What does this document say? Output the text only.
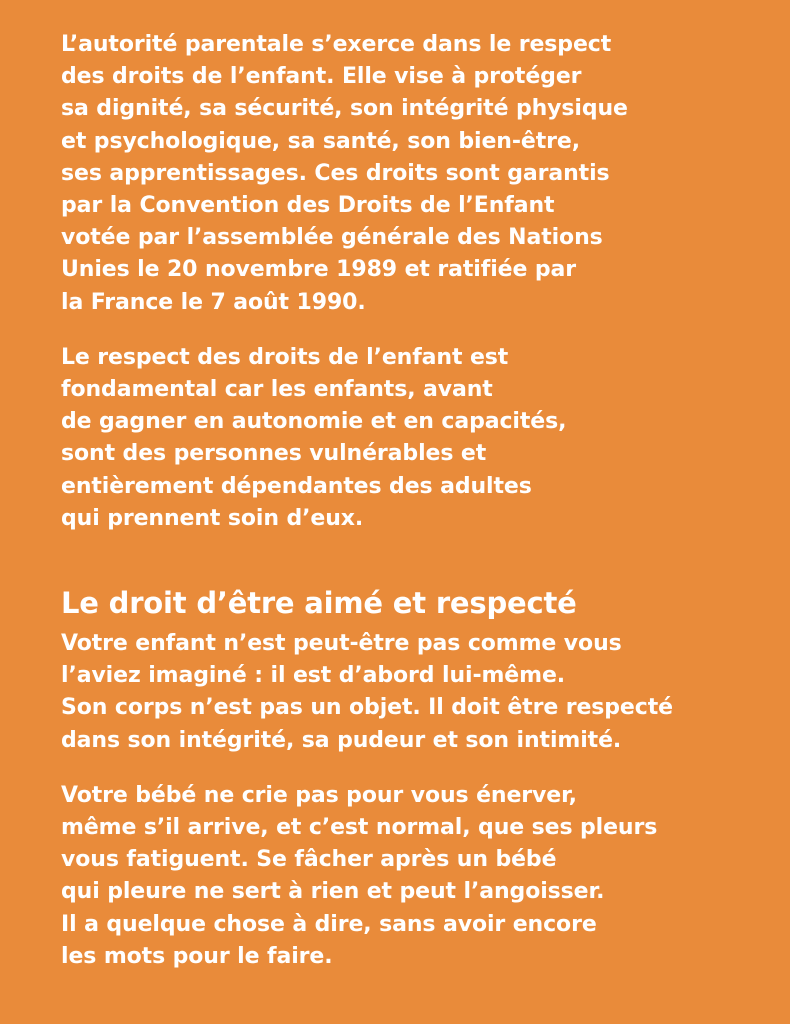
L’autorité parentale s’exerce dans le respect
des droits de l’enfant. Elle vise à protéger
sa dignité, sa sécurité, son intégrité physique
et psychologique, sa santé, son bien-être,
ses apprentissages. Ces droits sont garantis
par la Convention des Droits de l’Enfant
votée par l’assemblée générale des Nations
Unies le 20 novembre 1989 et ratifiée par
la France le 7 août 1990.

Le respect des droits de l’enfant est
fondamental car les enfants, avant
de gagner en autonomie et en capacités,
sont des personnes vulnérables et
entièrement dépendantes des adultes
qui prennent soin d’eux.

Le droit d’être aimé et respecté

Votre enfant n’est peut-être pas comme vous
l’aviez imaginé : il est d’abord lui-même.
Son corps n’est pas un objet. Il doit être respecté
dans son intégrité, sa pudeur et son intimité.

Votre bébé ne crie pas pour vous énerver,
même s’il arrive, et c’est normal, que ses pleurs
vous fatiguent. Se fâcher après un bébé
qui pleure ne sert à rien et peut l’angoisser.
Il a quelque chose à dire, sans avoir encore
les mots pour le faire.
